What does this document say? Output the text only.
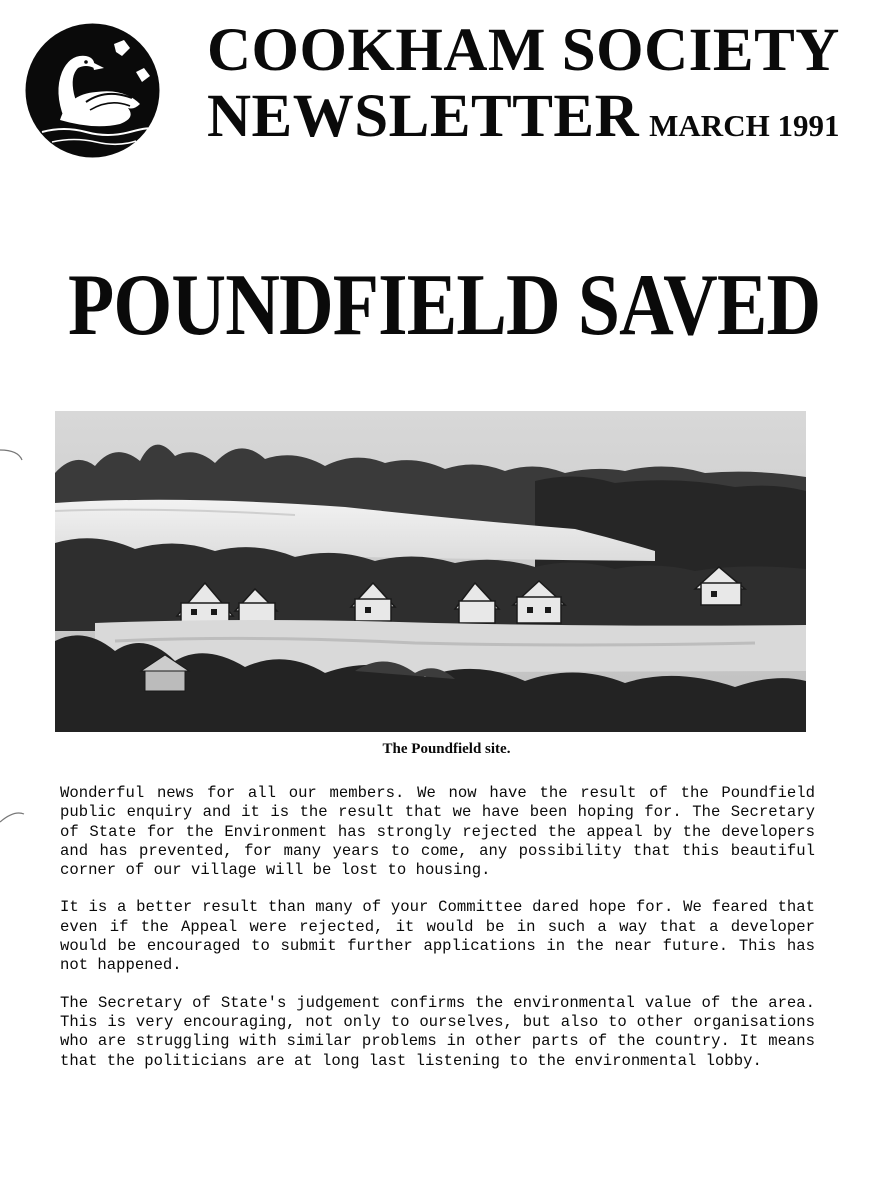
COOKHAM SOCIETY
NEWSLETTER MARCH 1991
POUNDFIELD SAVED
The Poundfield site.

Wonderful news for all our members. We now have the result of the Poundfield public enquiry and it is the result that we have been hoping for. The Secretary of State for the Environment has strongly rejected the appeal by the developers and has prevented, for many years to come, any possibility that this beautiful corner of our village will be lost to housing.

It is a better result than many of your Committee dared hope for. We feared that even if the Appeal were rejected, it would be in such a way that a developer would be encouraged to submit further applications in the near future. This has not happened.

The Secretary of State's judgement confirms the environmental value of the area. This is very encouraging, not only to ourselves, but also to other organisations who are struggling with similar problems in other parts of the country. It means that the politicians are at long last listening to the environmental lobby.
